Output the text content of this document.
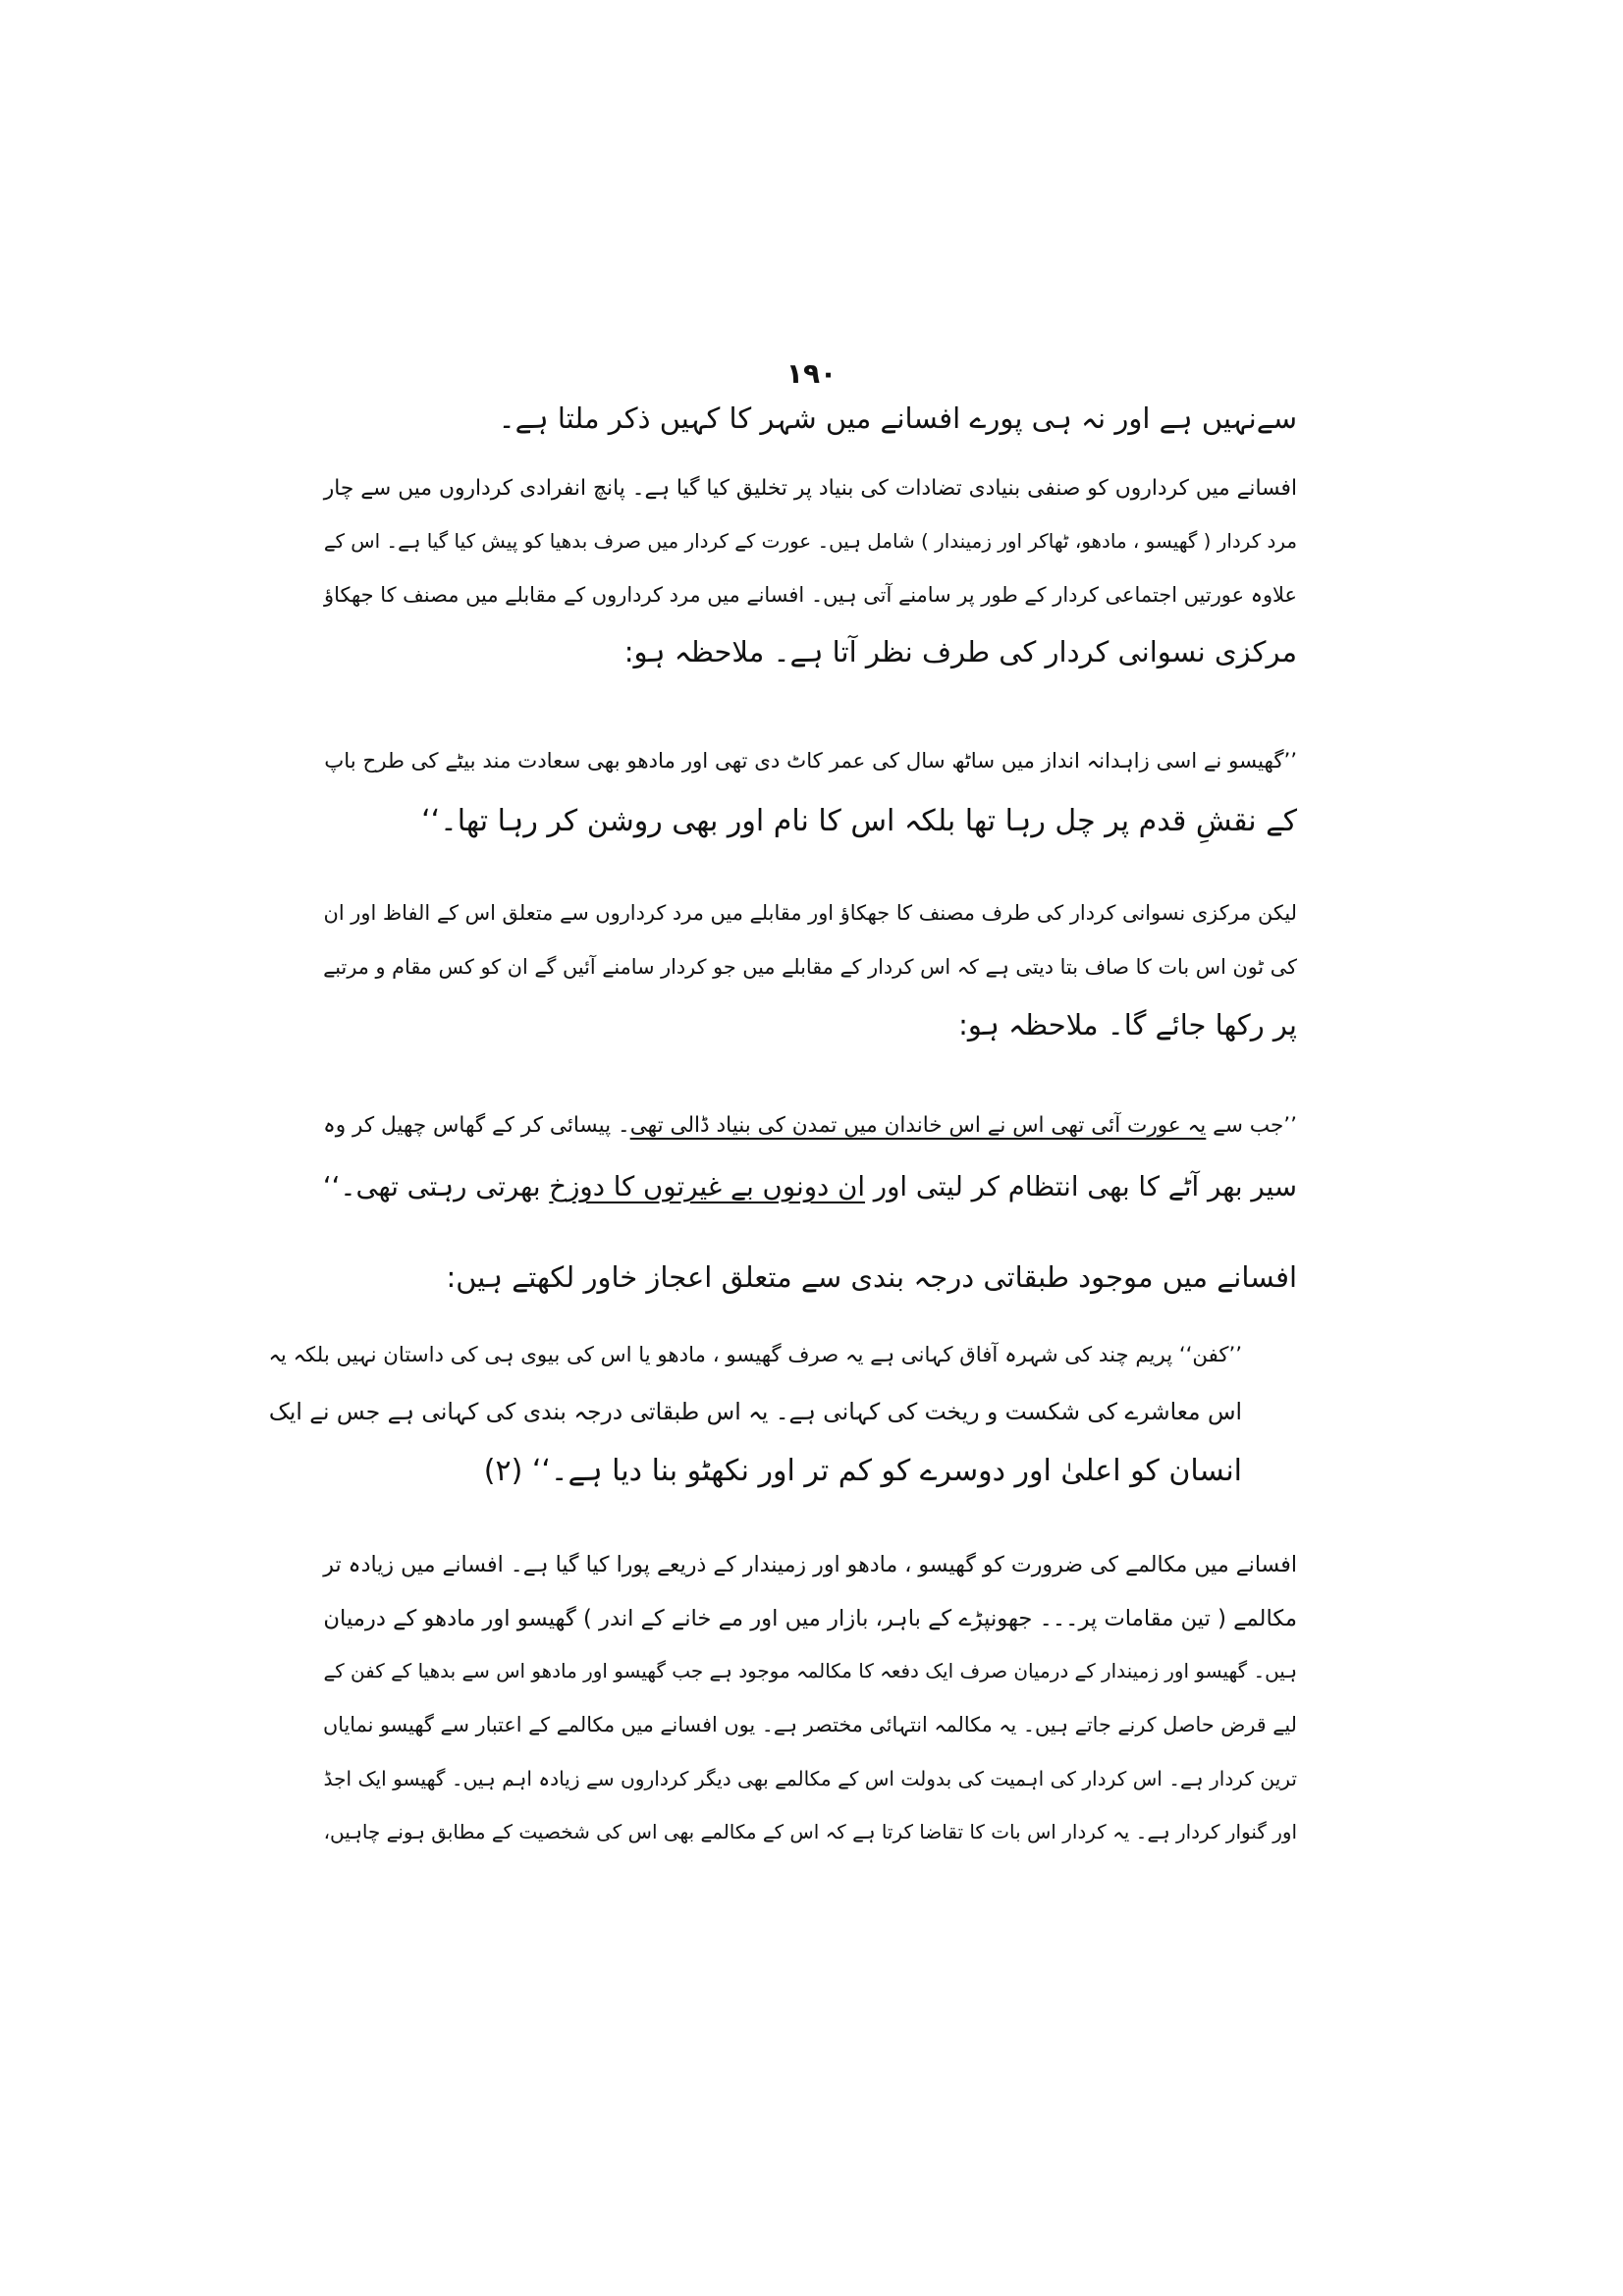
۱۹۰
سےنہیں ہے اور نہ ہی پورے افسانے میں شہر کا کہیں ذکر ملتا ہے۔
افسانے میں کرداروں کو صنفی بنیادی تضادات کی بنیاد پر تخلیق کیا گیا ہے۔ پانچ انفرادی کرداروں میں سے چار
مرد کردار ( گھیسو ، مادھو، ٹھاکر اور زمیندار ) شامل ہیں۔ عورت کے کردار میں صرف بدھیا کو پیش کیا گیا ہے۔ اس کے
علاوہ عورتیں اجتماعی کردار کے طور پر سامنے آتی ہیں۔ افسانے میں مرد کرداروں کے مقابلے میں مصنف کا جھکاؤ
مرکزی نسوانی کردار کی طرف نظر آتا ہے۔ ملاحظہ ہو:
’’گھیسو نے اسی زاہدانہ انداز میں ساٹھ سال کی عمر کاٹ دی تھی اور مادھو بھی سعادت مند بیٹے کی طرح باپ
کے نقشِ قدم پر چل رہا تھا بلکہ اس کا نام اور بھی روشن کر رہا تھا۔‘‘
لیکن مرکزی نسوانی کردار کی طرف مصنف کا جھکاؤ اور مقابلے میں مرد کرداروں سے متعلق اس کے الفاظ اور ان
کی ٹون اس بات کا صاف بتا دیتی ہے کہ اس کردار کے مقابلے میں جو کردار سامنے آئیں گے ان کو کس مقام و مرتبے
پر رکھا جائے گا۔ ملاحظہ ہو:
’’جب سے یہ عورت آئی تھی اس نے اس خاندان میں تمدن کی بنیاد ڈالی تھی۔ پیسائی کر کے گھاس چھیل کر وہ
سیر بھر آٹے کا بھی انتظام کر لیتی اور ان دونوں بے غیرتوں کا دوزخ بھرتی رہتی تھی۔‘‘
افسانے میں موجود طبقاتی درجہ بندی سے متعلق اعجاز خاور لکھتے ہیں:
’’کفن‘‘ پریم چند کی شہرہ آفاق کہانی ہے یہ صرف گھیسو ، مادھو یا اس کی بیوی ہی کی داستان نہیں بلکہ یہ
اس معاشرے کی شکست و ریخت کی کہانی ہے۔ یہ اس طبقاتی درجہ بندی کی کہانی ہے جس نے ایک
انسان کو اعلیٰ اور دوسرے کو کم تر اور نکھٹو بنا دیا ہے۔‘‘ (۲)
افسانے میں مکالمے کی ضرورت کو گھیسو ، مادھو اور زمیندار کے ذریعے پورا کیا گیا ہے۔ افسانے میں زیادہ تر
مکالمے ( تین مقامات پر۔۔۔ جھونپڑے کے باہر، بازار میں اور مے خانے کے اندر ) گھیسو اور مادھو کے درمیان
ہیں۔ گھیسو اور زمیندار کے درمیان صرف ایک دفعہ کا مکالمہ موجود ہے جب گھیسو اور مادھو اس سے بدھیا کے کفن کے
لیے قرض حاصل کرنے جاتے ہیں۔ یہ مکالمہ انتہائی مختصر ہے۔ یوں افسانے میں مکالمے کے اعتبار سے گھیسو نمایاں
ترین کردار ہے۔ اس کردار کی اہمیت کی بدولت اس کے مکالمے بھی دیگر کرداروں سے زیادہ اہم ہیں۔ گھیسو ایک اجڈ
اور گنوار کردار ہے۔ یہ کردار اس بات کا تقاضا کرتا ہے کہ اس کے مکالمے بھی اس کی شخصیت کے مطابق ہونے چاہیں،
